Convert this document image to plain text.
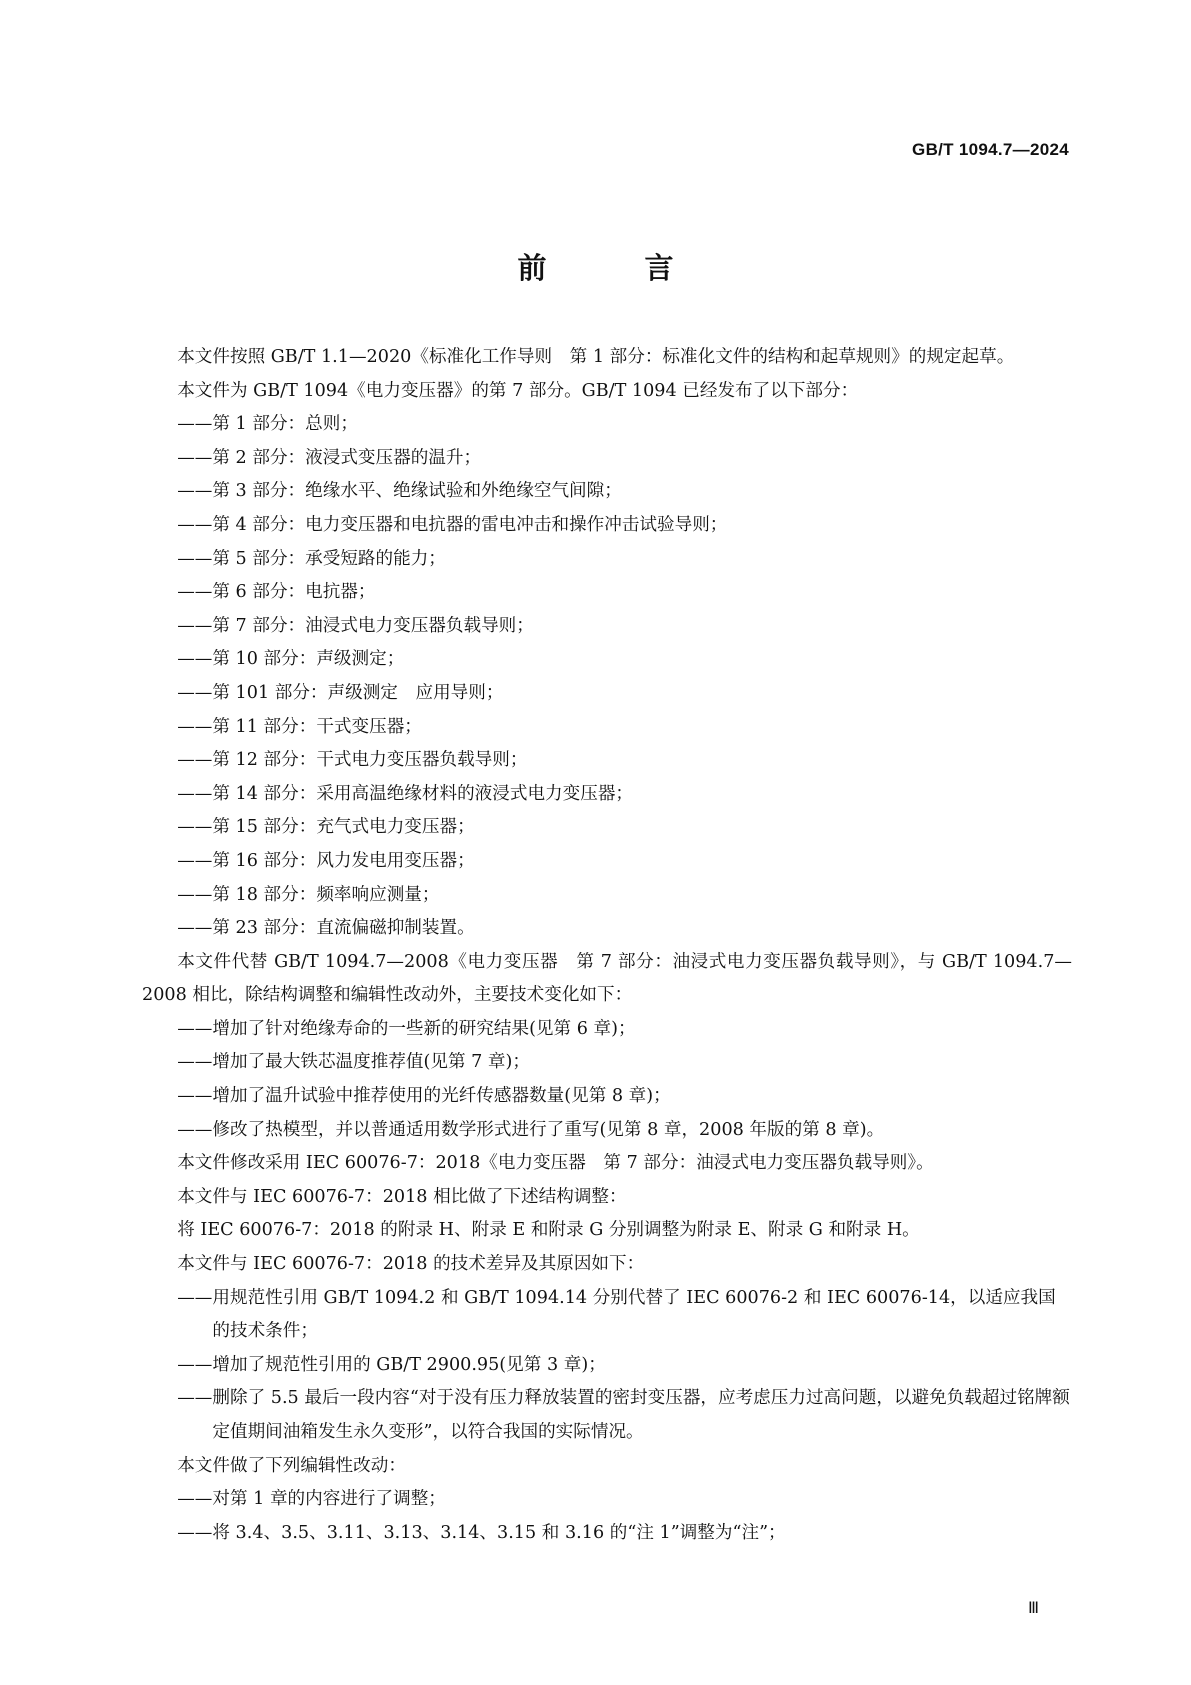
GB/T 1094.7—2024
前 言

本文件按照 GB/T 1.1—2020《标准化工作导则　第 1 部分：标准化文件的结构和起草规则》的规定起草。

本文件为 GB/T 1094《电力变压器》的第 7 部分。GB/T 1094 已经发布了以下部分：

——第 1 部分：总则；

——第 2 部分：液浸式变压器的温升；

——第 3 部分：绝缘水平、绝缘试验和外绝缘空气间隙；

——第 4 部分：电力变压器和电抗器的雷电冲击和操作冲击试验导则；

——第 5 部分：承受短路的能力；

——第 6 部分：电抗器；

——第 7 部分：油浸式电力变压器负载导则；

——第 10 部分：声级测定；

——第 101 部分：声级测定　应用导则；

——第 11 部分：干式变压器；

——第 12 部分：干式电力变压器负载导则；

——第 14 部分：采用高温绝缘材料的液浸式电力变压器；

——第 15 部分：充气式电力变压器；

——第 16 部分：风力发电用变压器；

——第 18 部分：频率响应测量；

——第 23 部分：直流偏磁抑制装置。

本文件代替 GB/T 1094.7—2008《电力变压器　第 7 部分：油浸式电力变压器负载导则》，与 GB/T 1094.7—2008 相比，除结构调整和编辑性改动外，主要技术变化如下：

——增加了针对绝缘寿命的一些新的研究结果(见第 6 章)；

——增加了最大铁芯温度推荐值(见第 7 章)；

——增加了温升试验中推荐使用的光纤传感器数量(见第 8 章)；

——修改了热模型，并以普通适用数学形式进行了重写(见第 8 章，2008 年版的第 8 章)。

本文件修改采用 IEC 60076-7：2018《电力变压器　第 7 部分：油浸式电力变压器负载导则》。

本文件与 IEC 60076-7：2018 相比做了下述结构调整：

将 IEC 60076-7：2018 的附录 H、附录 E 和附录 G 分别调整为附录 E、附录 G 和附录 H。

本文件与 IEC 60076-7：2018 的技术差异及其原因如下：

——用规范性引用 GB/T 1094.2 和 GB/T 1094.14 分别代替了 IEC 60076-2 和 IEC 60076-14，以适应我国的技术条件；

——增加了规范性引用的 GB/T 2900.95(见第 3 章)；

——删除了 5.5 最后一段内容“对于没有压力释放装置的密封变压器，应考虑压力过高问题，以避免负载超过铭牌额定值期间油箱发生永久变形”，以符合我国的实际情况。

本文件做了下列编辑性改动：

——对第 1 章的内容进行了调整；

——将 3.4、3.5、3.11、3.13、3.14、3.15 和 3.16 的“注 1”调整为“注”；

Ⅲ
